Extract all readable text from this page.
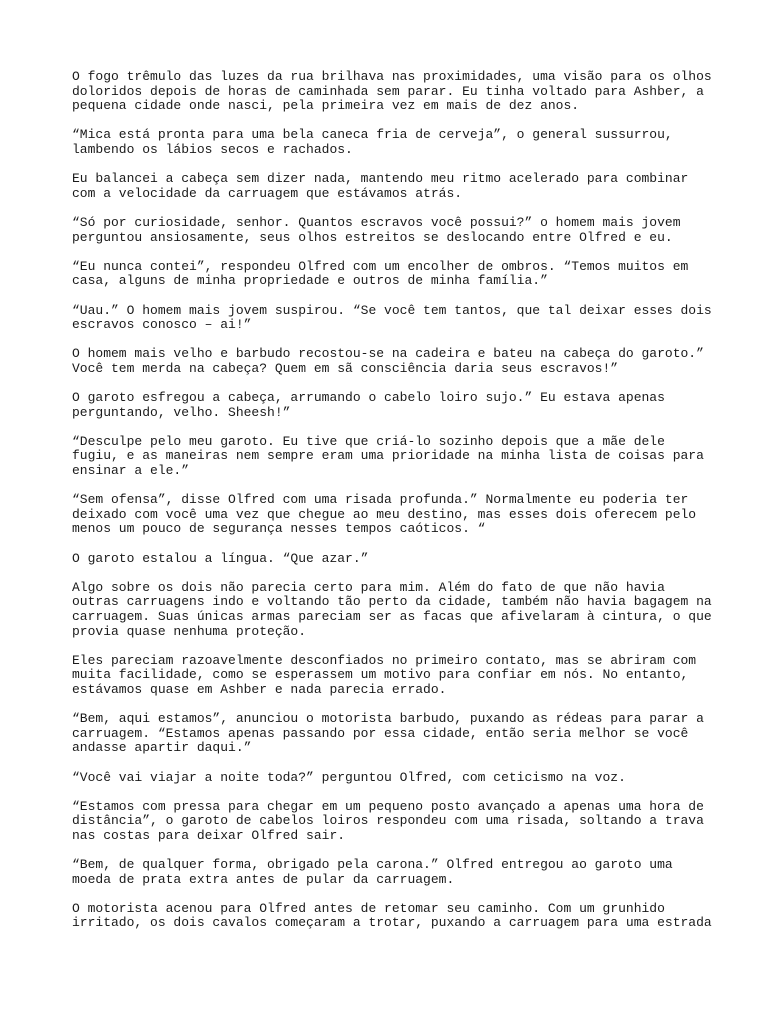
O fogo trêmulo das luzes da rua brilhava nas proximidades, uma visão para os olhos doloridos depois de horas de caminhada sem parar. Eu tinha voltado para Ashber, a pequena cidade onde nasci, pela primeira vez em mais de dez anos.

“Mica está pronta para uma bela caneca fria de cerveja”, o general sussurrou, lambendo os lábios secos e rachados.

Eu balancei a cabeça sem dizer nada, mantendo meu ritmo acelerado para combinar com a velocidade da carruagem que estávamos atrás.

“Só por curiosidade, senhor. Quantos escravos você possui?” o homem mais jovem perguntou ansiosamente, seus olhos estreitos se deslocando entre Olfred e eu.

“Eu nunca contei”, respondeu Olfred com um encolher de ombros. “Temos muitos em casa, alguns de minha propriedade e outros de minha família.”

“Uau.” O homem mais jovem suspirou. “Se você tem tantos, que tal deixar esses dois escravos conosco – ai!”

O homem mais velho e barbudo recostou-se na cadeira e bateu na cabeça do garoto.” Você tem merda na cabeça? Quem em sã consciência daria seus escravos!”

O garoto esfregou a cabeça, arrumando o cabelo loiro sujo.” Eu estava apenas perguntando, velho. Sheesh!”

“Desculpe pelo meu garoto. Eu tive que criá-lo sozinho depois que a mãe dele fugiu, e as maneiras nem sempre eram uma prioridade na minha lista de coisas para ensinar a ele.”

“Sem ofensa”, disse Olfred com uma risada profunda.” Normalmente eu poderia ter deixado com você uma vez que chegue ao meu destino, mas esses dois oferecem pelo menos um pouco de segurança nesses tempos caóticos. “

O garoto estalou a língua. “Que azar.”

Algo sobre os dois não parecia certo para mim. Além do fato de que não havia outras carruagens indo e voltando tão perto da cidade, também não havia bagagem na carruagem. Suas únicas armas pareciam ser as facas que afivelaram à cintura, o que provia quase nenhuma proteção.

Eles pareciam razoavelmente desconfiados no primeiro contato, mas se abriram com muita facilidade, como se esperassem um motivo para confiar em nós. No entanto, estávamos quase em Ashber e nada parecia errado.

“Bem, aqui estamos”, anunciou o motorista barbudo, puxando as rédeas para parar a carruagem. “Estamos apenas passando por essa cidade, então seria melhor se você andasse apartir daqui.”

“Você vai viajar a noite toda?” perguntou Olfred, com ceticismo na voz.

“Estamos com pressa para chegar em um pequeno posto avançado a apenas uma hora de distância”, o garoto de cabelos loiros respondeu com uma risada, soltando a trava nas costas para deixar Olfred sair.

“Bem, de qualquer forma, obrigado pela carona.” Olfred entregou ao garoto uma moeda de prata extra antes de pular da carruagem.

O motorista acenou para Olfred antes de retomar seu caminho. Com um grunhido irritado, os dois cavalos começaram a trotar, puxando a carruagem para uma estrada
